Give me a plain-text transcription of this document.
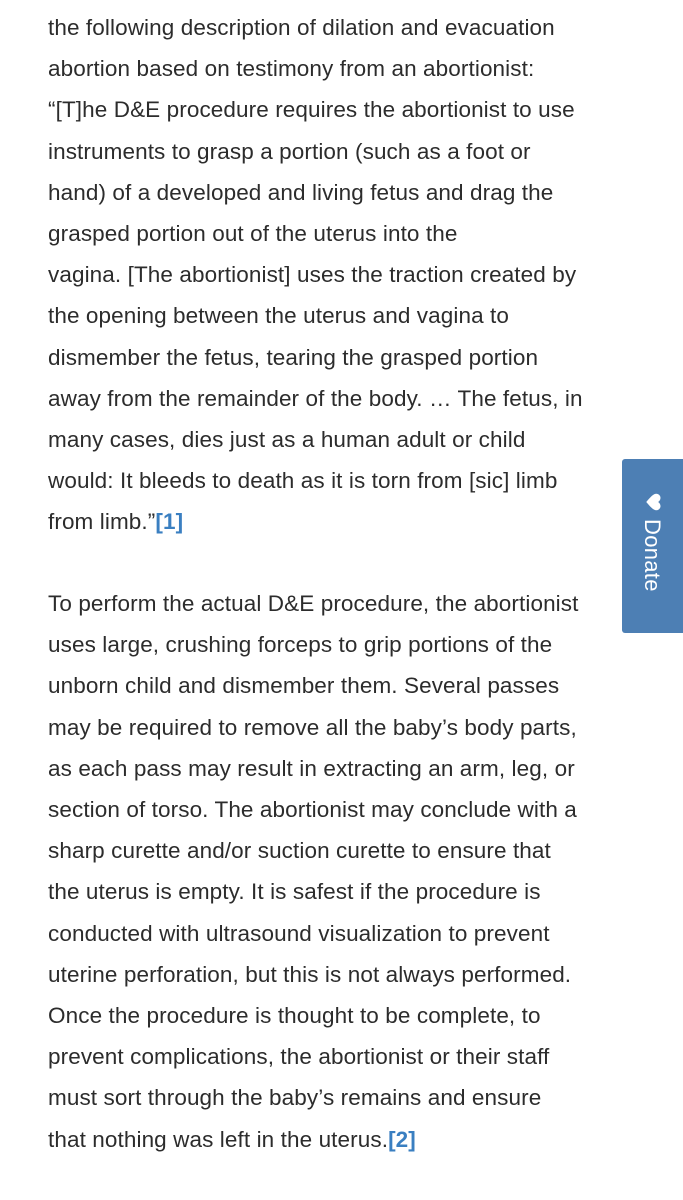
the following description of dilation and evacuation
abortion based on testimony from an abortionist:
“[T]he D&E procedure requires the abortionist to use
instruments to grasp a portion (such as a foot or
hand) of a developed and living fetus and drag the
grasped portion out of the uterus into the
vagina. [The abortionist] uses the traction created by
the opening between the uterus and vagina to
dismember the fetus, tearing the grasped portion
away from the remainder of the body. … The fetus, in
many cases, dies just as a human adult or child
would: It bleeds to death as it is torn from [sic] limb
from limb.”[1]

To perform the actual D&E procedure, the abortionist
uses large, crushing forceps to grip portions of the
unborn child and dismember them. Several passes
may be required to remove all the baby’s body parts,
as each pass may result in extracting an arm, leg, or
section of torso. The abortionist may conclude with a
sharp curette and/or suction curette to ensure that
the uterus is empty. It is safest if the procedure is
conducted with ultrasound visualization to prevent
uterine perforation, but this is not always performed.
Once the procedure is thought to be complete, to
prevent complications, the abortionist or their staff
must sort through the baby’s remains and ensure
that nothing was left in the uterus.[2]

Donate
